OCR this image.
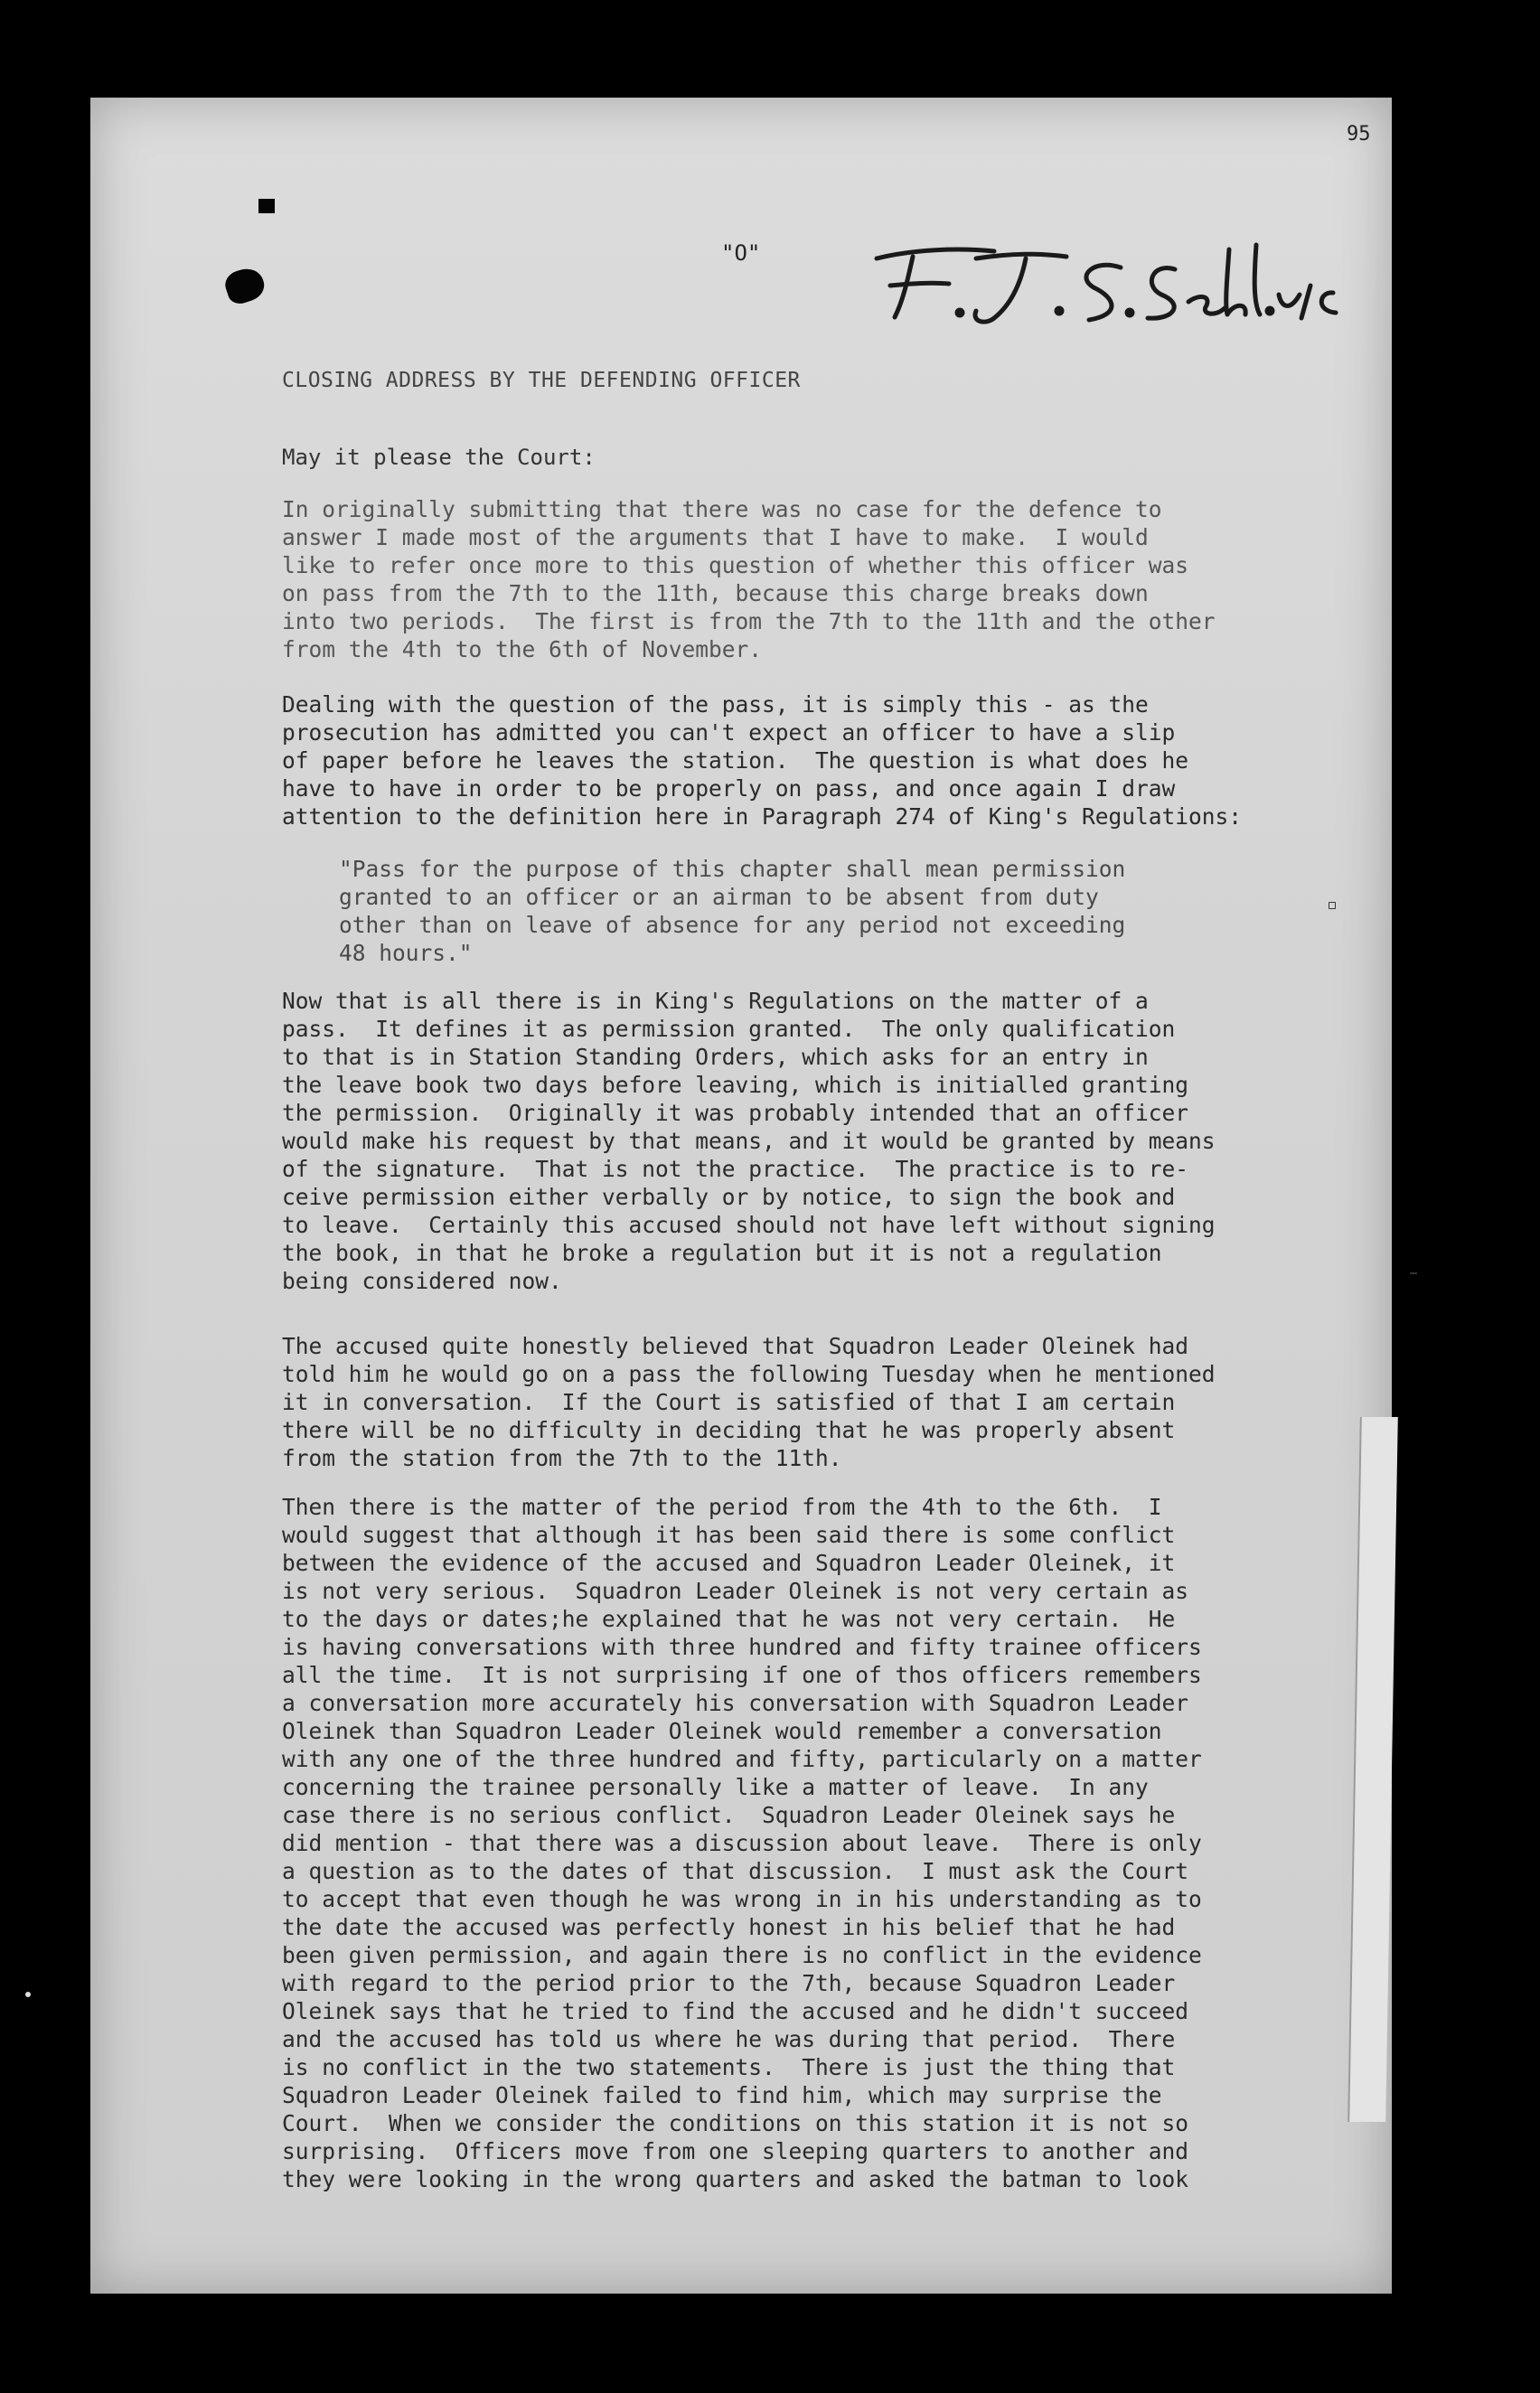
95
"O"
CLOSING ADDRESS BY THE DEFENDING OFFICER
May it please the Court:

In originally submitting that there was no case for the defence to
answer I made most of the arguments that I have to make.  I would
like to refer once more to this question of whether this officer was
on pass from the 7th to the 11th, because this charge breaks down
into two periods.  The first is from the 7th to the 11th and the other
from the 4th to the 6th of November.

Dealing with the question of the pass, it is simply this - as the
prosecution has admitted you can't expect an officer to have a slip
of paper before he leaves the station.  The question is what does he
have to have in order to be properly on pass, and once again I draw
attention to the definition here in Paragraph 274 of King's Regulations:

"Pass for the purpose of this chapter shall mean permission
granted to an officer or an airman to be absent from duty
other than on leave of absence for any period not exceeding
48 hours."

Now that is all there is in King's Regulations on the matter of a
pass.  It defines it as permission granted.  The only qualification
to that is in Station Standing Orders, which asks for an entry in
the leave book two days before leaving, which is initialled granting
the permission.  Originally it was probably intended that an officer
would make his request by that means, and it would be granted by means
of the signature.  That is not the practice.  The practice is to re-
ceive permission either verbally or by notice, to sign the book and
to leave.  Certainly this accused should not have left without signing
the book, in that he broke a regulation but it is not a regulation
being considered now.

The accused quite honestly believed that Squadron Leader Oleinek had
told him he would go on a pass the following Tuesday when he mentioned
it in conversation.  If the Court is satisfied of that I am certain
there will be no difficulty in deciding that he was properly absent
from the station from the 7th to the 11th.

Then there is the matter of the period from the 4th to the 6th.  I
would suggest that although it has been said there is some conflict
between the evidence of the accused and Squadron Leader Oleinek, it
is not very serious.  Squadron Leader Oleinek is not very certain as
to the days or dates;he explained that he was not very certain.  He
is having conversations with three hundred and fifty trainee officers
all the time.  It is not surprising if one of thos officers remembers
a conversation more accurately his conversation with Squadron Leader
Oleinek than Squadron Leader Oleinek would remember a conversation
with any one of the three hundred and fifty, particularly on a matter
concerning the trainee personally like a matter of leave.  In any
case there is no serious conflict.  Squadron Leader Oleinek says he
did mention - that there was a discussion about leave.  There is only
a question as to the dates of that discussion.  I must ask the Court
to accept that even though he was wrong in in his understanding as to
the date the accused was perfectly honest in his belief that he had
been given permission, and again there is no conflict in the evidence
with regard to the period prior to the 7th, because Squadron Leader
Oleinek says that he tried to find the accused and he didn't succeed
and the accused has told us where he was during that period.  There
is no conflict in the two statements.  There is just the thing that
Squadron Leader Oleinek failed to find him, which may surprise the
Court.  When we consider the conditions on this station it is not so
surprising.  Officers move from one sleeping quarters to another and
they were looking in the wrong quarters and asked the batman to look
